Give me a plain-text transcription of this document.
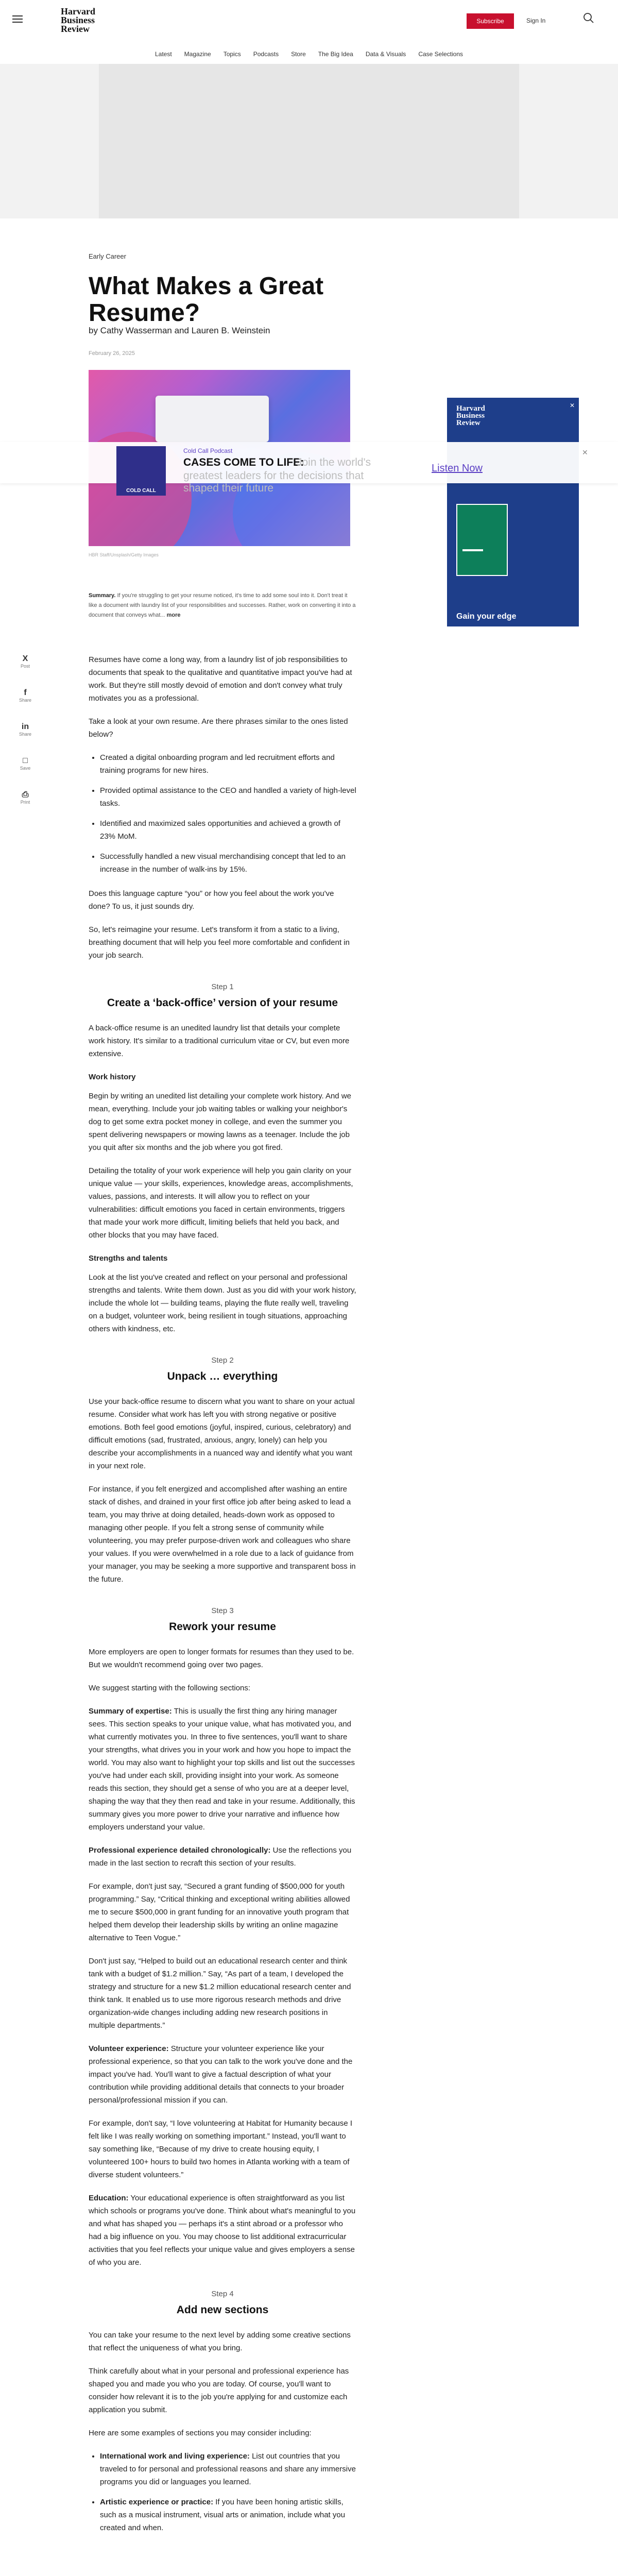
Harvard Business Review
Subscribe	Sign In
Latest Magazine Topics Podcasts Store The Big Idea Data & Visuals Case Selections
Early Career
What Makes a Great Resume?
by Cathy Wasserman and Lauren B. Weinstein
February 26, 2025
HBR Staff/Unsplash/Getty Images
✕
Harvard Business Review
Gain your edge
COLD CALL
Cold Call Podcast
CASES COME TO LIFE:
Join the world's
greatest leaders for the decisions that
shaped their future
Listen Now
✕
Summary. If you're struggling to get your resume noticed, it's time to add some soul into it. Don't treat it like a document with laundry list of your responsibilities and successes. Rather, work on converting it into a document that conveys what... more
X
Post
f
Share
in
Share
□
Save
⎙
Print

Resumes have come a long way, from a laundry list of job responsibilities to documents that speak to the qualitative and quantitative impact you've had at work. But they're still mostly devoid of emotion and don't convey what truly motivates you as a professional.

Take a look at your own resume. Are there phrases similar to the ones listed below?

• Created a digital onboarding program and led recruitment efforts and training programs for new hires.
• Provided optimal assistance to the CEO and handled a variety of high-level tasks.
• Identified and maximized sales opportunities and achieved a growth of 23% MoM.
• Successfully handled a new visual merchandising concept that led to an increase in the number of walk-ins by 15%.

Does this language capture “you” or how you feel about the work you've done? To us, it just sounds dry.

So, let's reimagine your resume. Let's transform it from a static to a living, breathing document that will help you feel more comfortable and confident in your job search.

Step 1
Create a ‘back-office’ version of your resume

A back-office resume is an unedited laundry list that details your complete work history. It's similar to a traditional curriculum vitae or CV, but even more extensive.

Work history

Begin by writing an unedited list detailing your complete work history. And we mean, everything. Include your job waiting tables or walking your neighbor's dog to get some extra pocket money in college, and even the summer you spent delivering newspapers or mowing lawns as a teenager. Include the job you quit after six months and the job where you got fired.

Detailing the totality of your work experience will help you gain clarity on your unique value — your skills, experiences, knowledge areas, accomplishments, values, passions, and interests. It will allow you to reflect on your vulnerabilities: difficult emotions you faced in certain environments, triggers that made your work more difficult, limiting beliefs that held you back, and other blocks that you may have faced.

Strengths and talents

Look at the list you've created and reflect on your personal and professional strengths and talents. Write them down. Just as you did with your work history, include the whole lot — building teams, playing the flute really well, traveling on a budget, volunteer work, being resilient in tough situations, approaching others with kindness, etc.

Step 2
Unpack … everything

Use your back-office resume to discern what you want to share on your actual resume. Consider what work has left you with strong negative or positive emotions. Both feel good emotions (joyful, inspired, curious, celebratory) and difficult emotions (sad, frustrated, anxious, angry, lonely) can help you describe your accomplishments in a nuanced way and identify what you want in your next role.

For instance, if you felt energized and accomplished after washing an entire stack of dishes, and drained in your first office job after being asked to lead a team, you may thrive at doing detailed, heads-down work as opposed to managing other people. If you felt a strong sense of community while volunteering, you may prefer purpose-driven work and colleagues who share your values. If you were overwhelmed in a role due to a lack of guidance from your manager, you may be seeking a more supportive and transparent boss in the future.

Step 3
Rework your resume

More employers are open to longer formats for resumes than they used to be. But we wouldn't recommend going over two pages.

We suggest starting with the following sections:

Summary of expertise: This is usually the first thing any hiring manager sees. This section speaks to your unique value, what has motivated you, and what currently motivates you. In three to five sentences, you'll want to share your strengths, what drives you in your work and how you hope to impact the world. You may also want to highlight your top skills and list out the successes you've had under each skill, providing insight into your work. As someone reads this section, they should get a sense of who you are at a deeper level, shaping the way that they then read and take in your resume. Additionally, this summary gives you more power to drive your narrative and influence how employers understand your value.

Professional experience detailed chronologically: Use the reflections you made in the last section to recraft this section of your results.

For example, don't just say, “Secured a grant funding of $500,000 for youth programming.” Say, “Critical thinking and exceptional writing abilities allowed me to secure $500,000 in grant funding for an innovative youth program that helped them develop their leadership skills by writing an online magazine alternative to Teen Vogue.”

Don't just say, “Helped to build out an educational research center and think tank with a budget of $1.2 million.” Say, “As part of a team, I developed the strategy and structure for a new $1.2 million educational research center and think tank. It enabled us to use more rigorous research methods and drive organization-wide changes including adding new research positions in multiple departments.”

Volunteer experience: Structure your volunteer experience like your professional experience, so that you can talk to the work you've done and the impact you've had. You'll want to give a factual description of what your contribution while providing additional details that connects to your broader personal/professional mission if you can.

For example, don't say, “I love volunteering at Habitat for Humanity because I felt like I was really working on something important.” Instead, you'll want to say something like, “Because of my drive to create housing equity, I volunteered 100+ hours to build two homes in Atlanta working with a team of diverse student volunteers.”

Education: Your educational experience is often straightforward as you list which schools or programs you've done. Think about what's meaningful to you and what has shaped you — perhaps it's a stint abroad or a professor who had a big influence on you. You may choose to list additional extracurricular activities that you feel reflects your unique value and gives employers a sense of who you are.

Step 4
Add new sections

You can take your resume to the next level by adding some creative sections that reflect the uniqueness of what you bring.

Think carefully about what in your personal and professional experience has shaped you and made you who you are today. Of course, you'll want to consider how relevant it is to the job you're applying for and customize each application you submit.

Here are some examples of sections you may consider including:

• International work and living experience: List out countries that you traveled to for personal and professional reasons and share any immersive programs you did or languages you learned.
• Artistic experience or practice: If you have been honing artistic skills, such as a musical instrument, visual arts or animation, include what you created and when.
